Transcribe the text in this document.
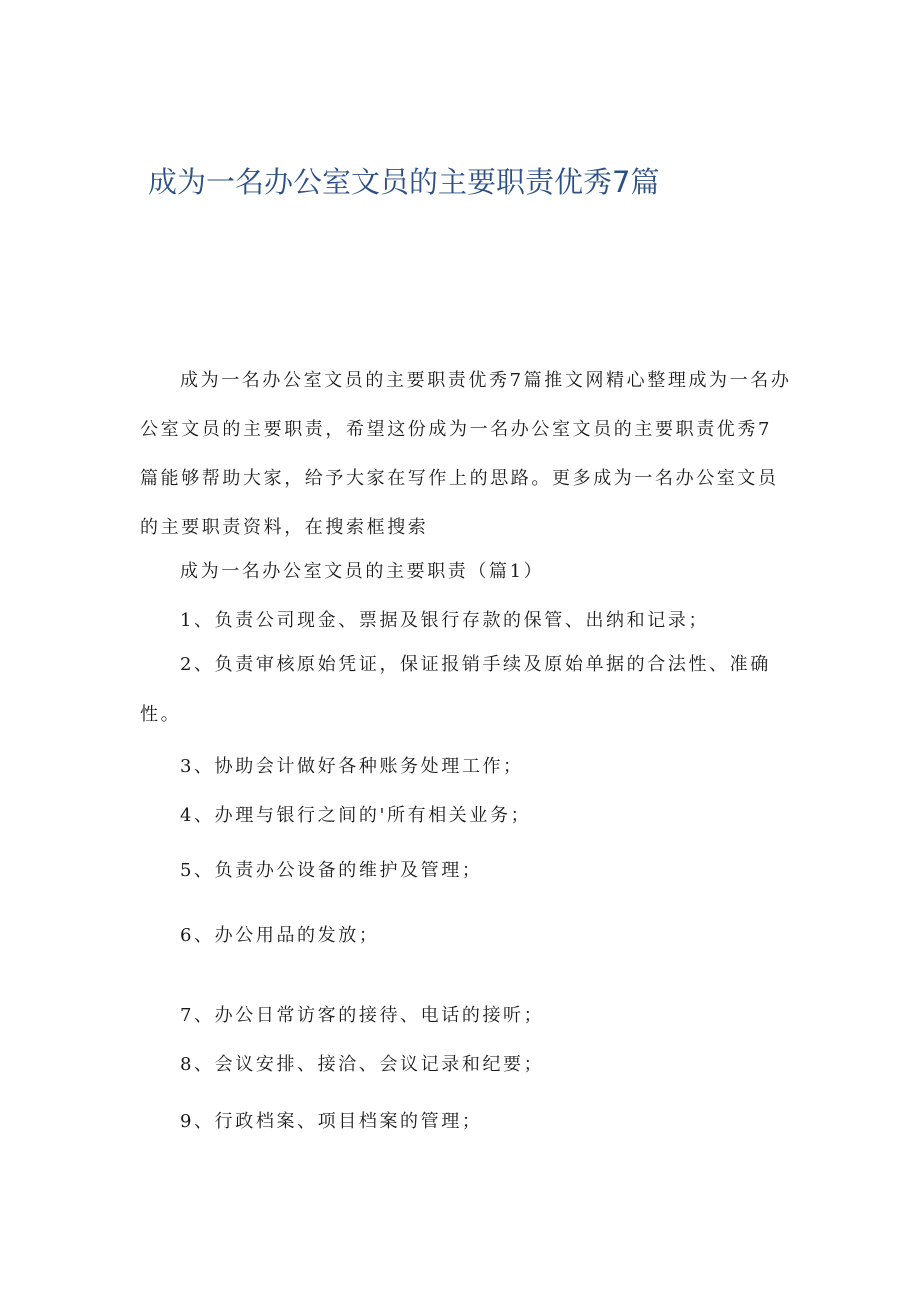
成为一名办公室文员的主要职责优秀7篇

成为一名办公室文员的主要职责优秀7篇推文网精心整理成为一名办公室文员的主要职责，希望这份成为一名办公室文员的主要职责优秀7篇能够帮助大家，给予大家在写作上的思路。更多成为一名办公室文员的主要职责资料，在搜索框搜索

成为一名办公室文员的主要职责（篇1）

1、负责公司现金、票据及银行存款的保管、出纳和记录；

2、负责审核原始凭证，保证报销手续及原始单据的合法性、准确性。

3、协助会计做好各种账务处理工作；

4、办理与银行之间的'所有相关业务；

5、负责办公设备的维护及管理；

6、办公用品的发放；

7、办公日常访客的接待、电话的接听；

8、会议安排、接洽、会议记录和纪要；

9、行政档案、项目档案的管理；
